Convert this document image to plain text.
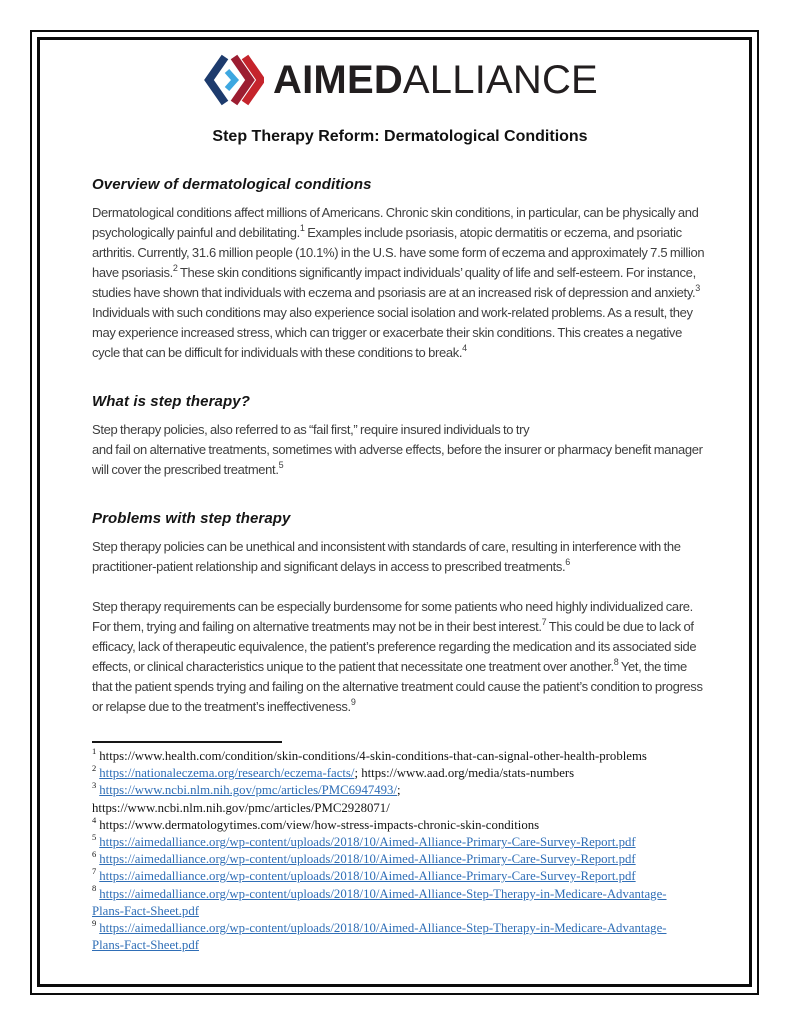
AIMEDALLIANCE
Step Therapy Reform: Dermatological Conditions
Overview of dermatological conditions

Dermatological conditions affect millions of Americans. Chronic skin conditions, in particular, can be physically and psychologically painful and debilitating.$^1$ Examples include psoriasis, atopic dermatitis or eczema, and psoriatic arthritis. Currently, 31.6 million people (10.1%) in the U.S. have some form of eczema and approximately 7.5 million have psoriasis.$^2$ These skin conditions significantly impact individuals’ quality of life and self-esteem. For instance, studies have shown that individuals with eczema and psoriasis are at an increased risk of depression and anxiety.$^3$ Individuals with such conditions may also experience social isolation and work-related problems. As a result, they may experience increased stress, which can trigger or exacerbate their skin conditions. This creates a negative cycle that can be difficult for individuals with these conditions to break.$^4$

What is step therapy?

Step therapy policies, also referred to as “fail first,” require insured individuals to try
and fail on alternative treatments, sometimes with adverse effects, before the insurer or pharmacy benefit manager will cover the prescribed treatment.$^5$

Problems with step therapy

Step therapy policies can be unethical and inconsistent with standards of care, resulting in interference with the practitioner-patient relationship and significant delays in access to prescribed treatments.$^6$

Step therapy requirements can be especially burdensome for some patients who need highly individualized care. For them, trying and failing on alternative treatments may not be in their best interest.$^7$ This could be due to lack of efficacy, lack of therapeutic equivalence, the patient’s preference regarding the medication and its associated side effects, or clinical characteristics unique to the patient that necessitate one treatment over another.$^8$ Yet, the time that the patient spends trying and failing on the alternative treatment could cause the patient’s condition to progress or relapse due to the treatment’s ineffectiveness.$^9$

$^1$ https://www.health.com/condition/skin-conditions/4-skin-conditions-that-can-signal-other-health-problems
$^2$ https://nationaleczema.org/research/eczema-facts/; https://www.aad.org/media/stats-numbers
$^3$ https://www.ncbi.nlm.nih.gov/pmc/articles/PMC6947493/;
https://www.ncbi.nlm.nih.gov/pmc/articles/PMC2928071/
$^4$ https://www.dermatologytimes.com/view/how-stress-impacts-chronic-skin-conditions
$^5$ https://aimedalliance.org/wp-content/uploads/2018/10/Aimed-Alliance-Primary-Care-Survey-Report.pdf
$^6$ https://aimedalliance.org/wp-content/uploads/2018/10/Aimed-Alliance-Primary-Care-Survey-Report.pdf
$^7$ https://aimedalliance.org/wp-content/uploads/2018/10/Aimed-Alliance-Primary-Care-Survey-Report.pdf
$^8$ https://aimedalliance.org/wp-content/uploads/2018/10/Aimed-Alliance-Step-Therapy-in-Medicare-Advantage-
Plans-Fact-Sheet.pdf
$^9$ https://aimedalliance.org/wp-content/uploads/2018/10/Aimed-Alliance-Step-Therapy-in-Medicare-Advantage-
Plans-Fact-Sheet.pdf
